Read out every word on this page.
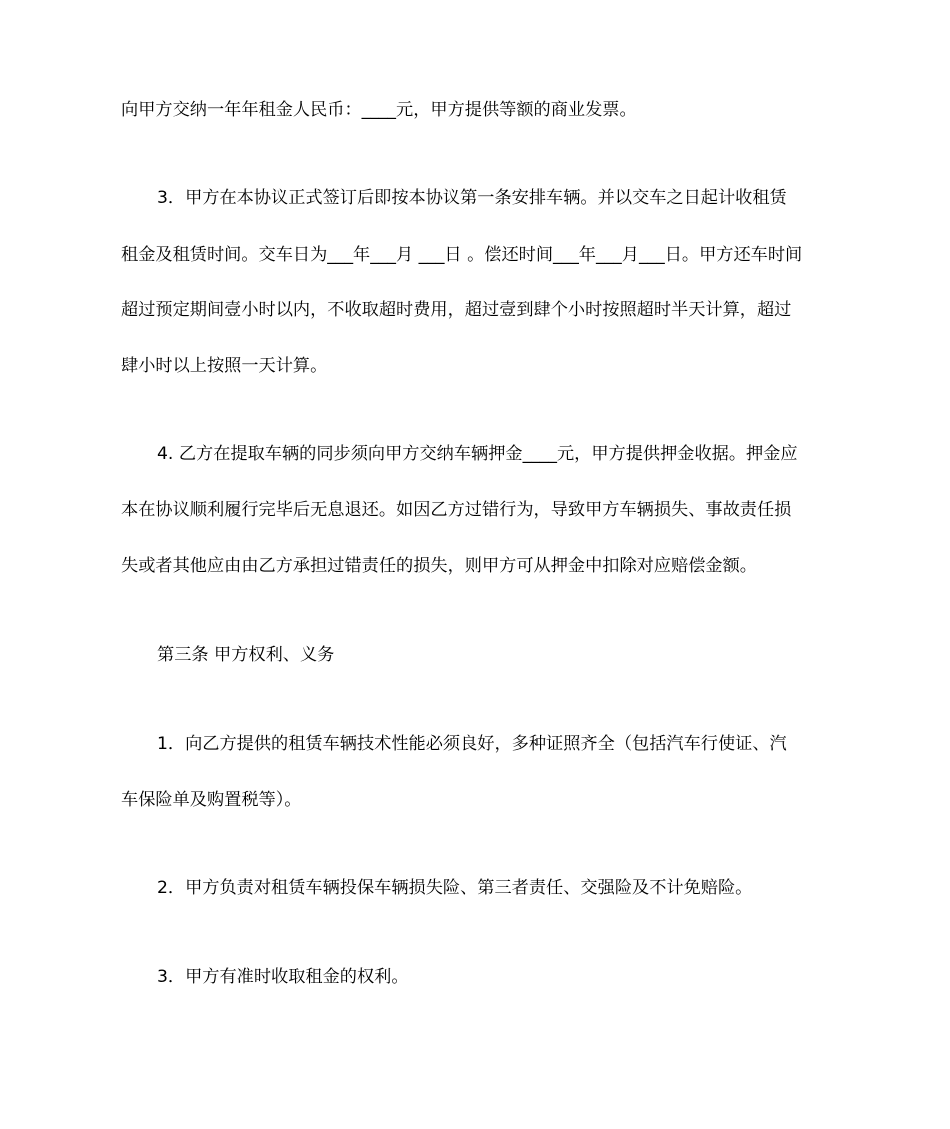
向甲方交纳一年年租金人民币：____元，甲方提供等额的商业发票。
3．甲方在本协议正式签订后即按本协议第一条安排车辆。并以交车之日起计收租赁
租金及租赁时间。交车日为___年___月 ___日 。偿还时间___年___月___日。甲方还车时间
超过预定期间壹小时以内，不收取超时费用，超过壹到肆个小时按照超时半天计算，超过
肆小时以上按照一天计算。
4. 乙方在提取车辆的同步须向甲方交纳车辆押金____元，甲方提供押金收据。押金应
本在协议顺利履行完毕后无息退还。如因乙方过错行为，导致甲方车辆损失、事故责任损
失或者其他应由由乙方承担过错责任的损失，则甲方可从押金中扣除对应赔偿金额。
第三条 甲方权利、义务
1．向乙方提供的租赁车辆技术性能必须良好，多种证照齐全（包括汽车行使证、汽
车保险单及购置税等）。
2．甲方负责对租赁车辆投保车辆损失险、第三者责任、交强险及不计免赔险。
3．甲方有准时收取租金的权利。
